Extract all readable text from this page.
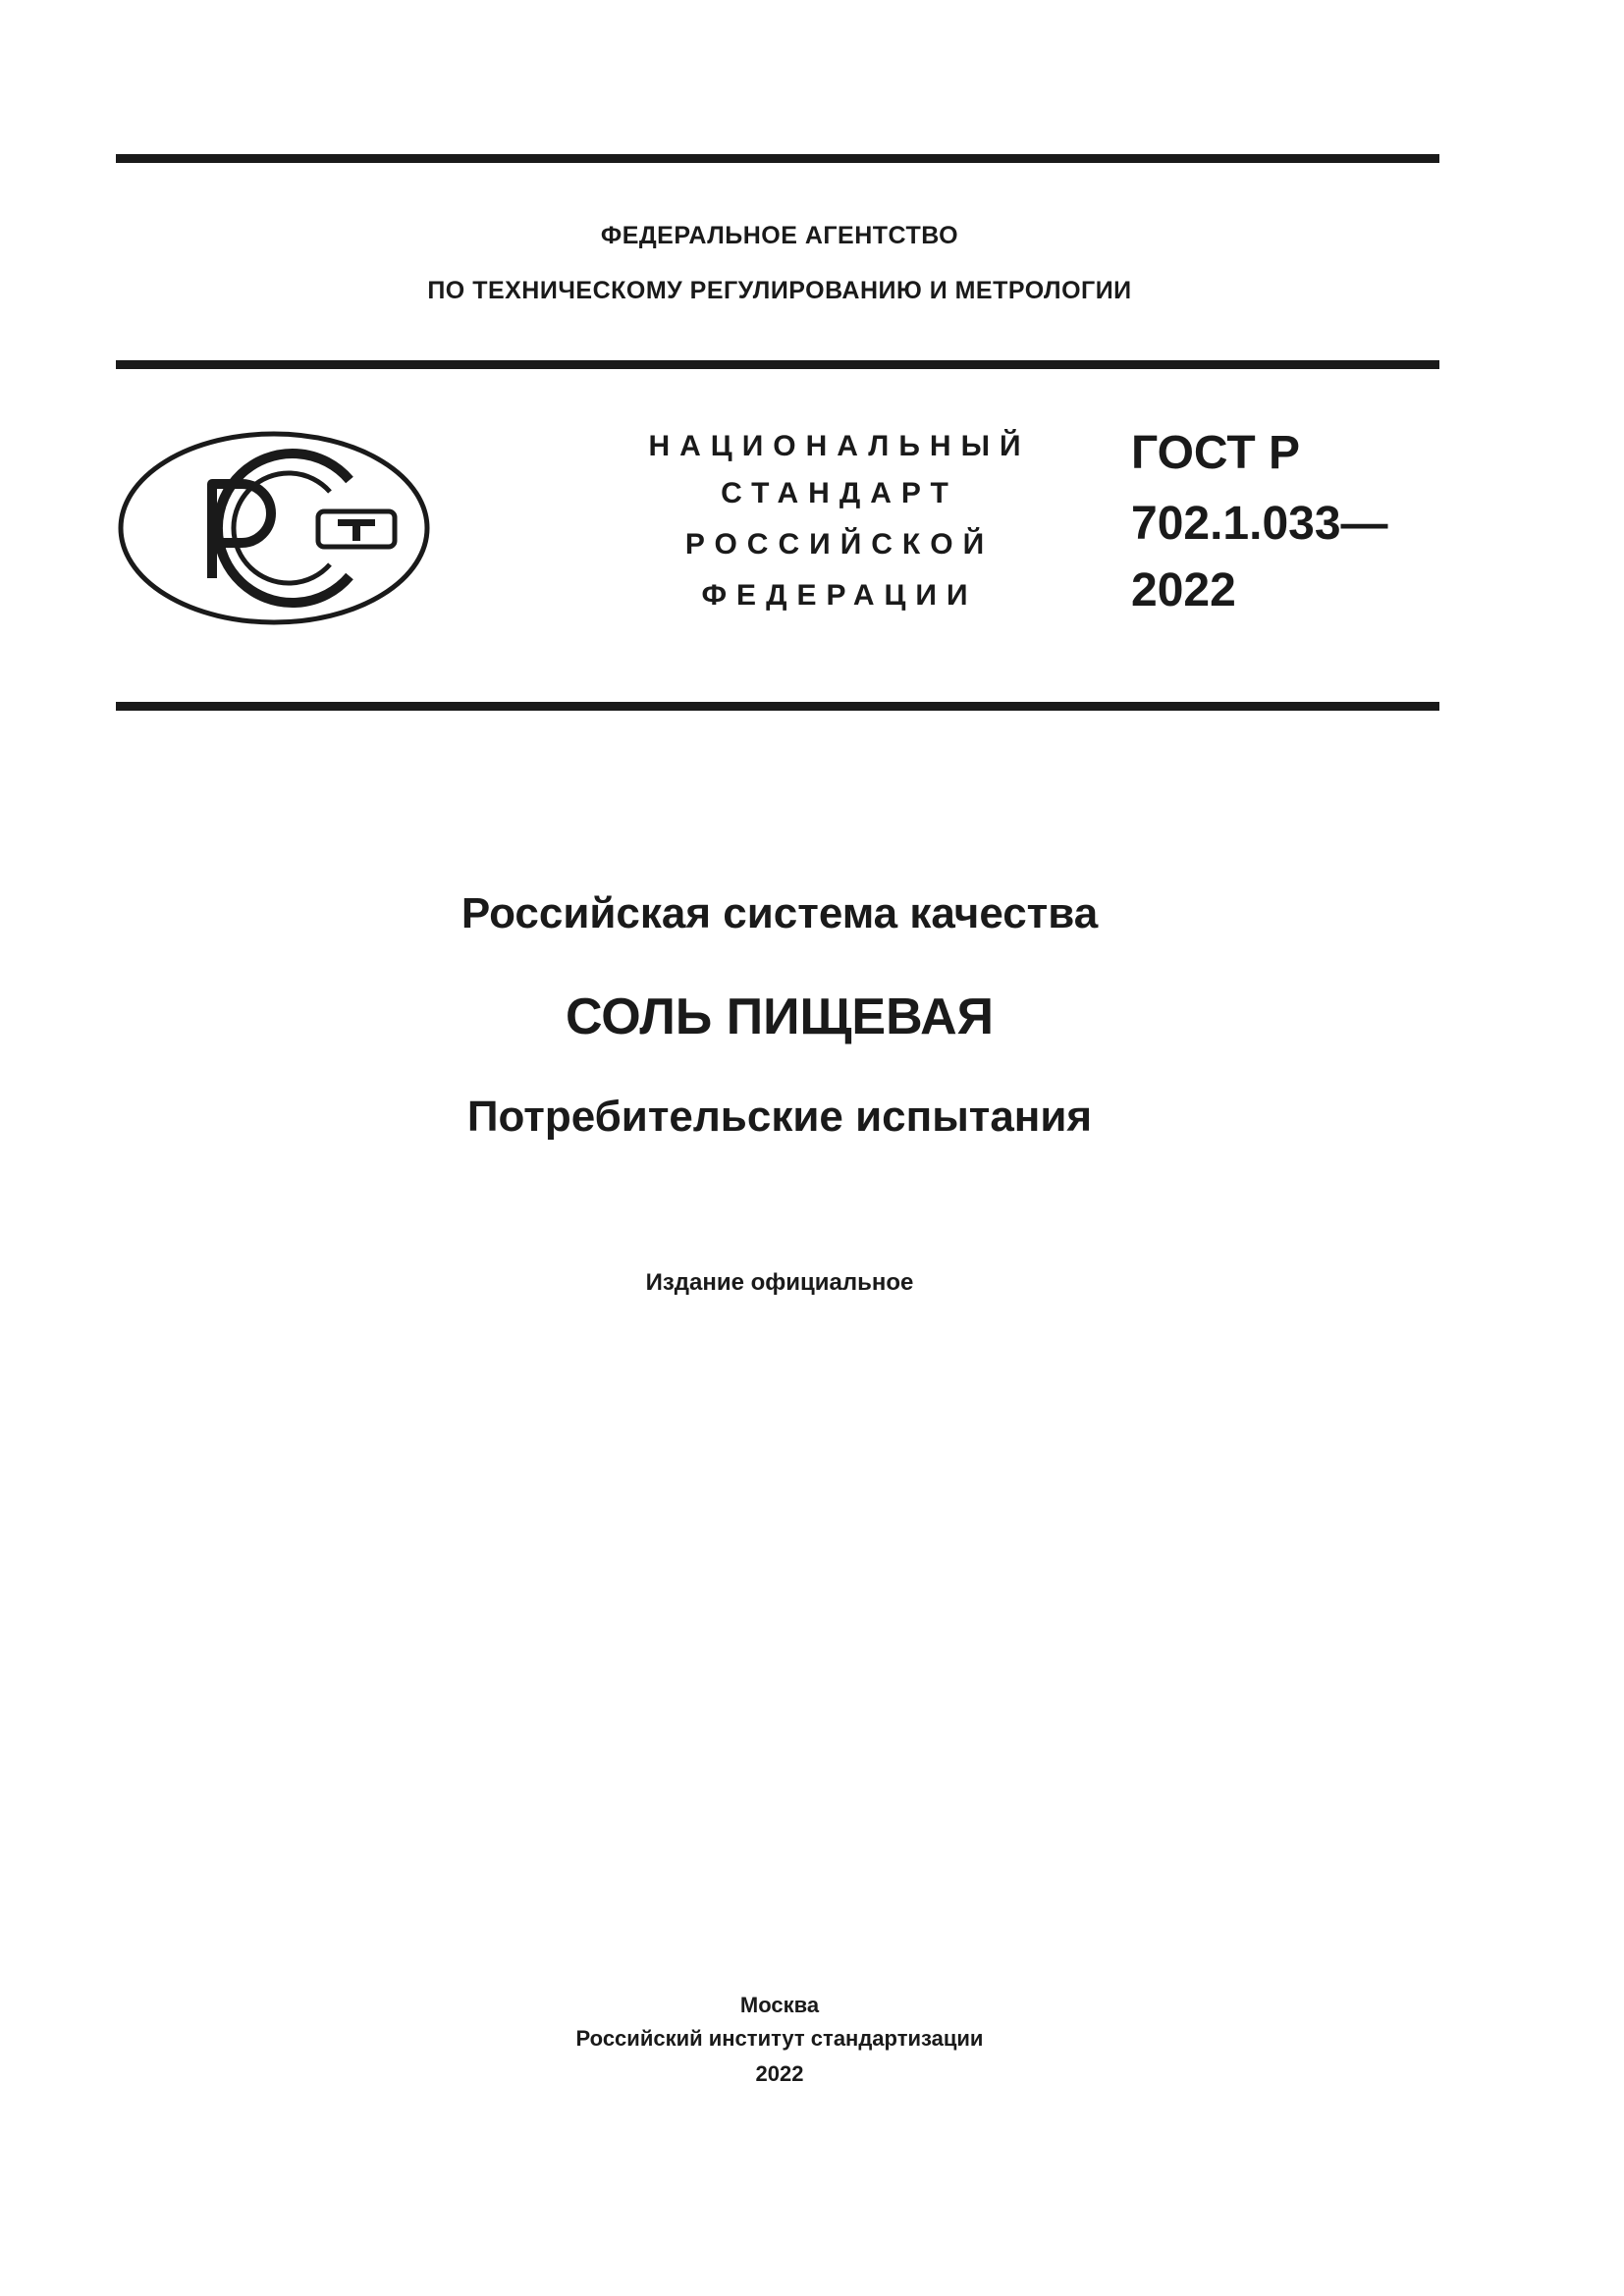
ФЕДЕРАЛЬНОЕ АГЕНТСТВО
ПО ТЕХНИЧЕСКОМУ РЕГУЛИРОВАНИЮ И МЕТРОЛОГИИ
НАЦИОНАЛЬНЫЙ
СТАНДАРТ
РОССИЙСКОЙ
ФЕДЕРАЦИИ
ГОСТ Р
702.1.033—
2022
Российская система качества
СОЛЬ ПИЩЕВАЯ
Потребительские испытания
Издание официальное
Москва
Российский институт стандартизации
2022
